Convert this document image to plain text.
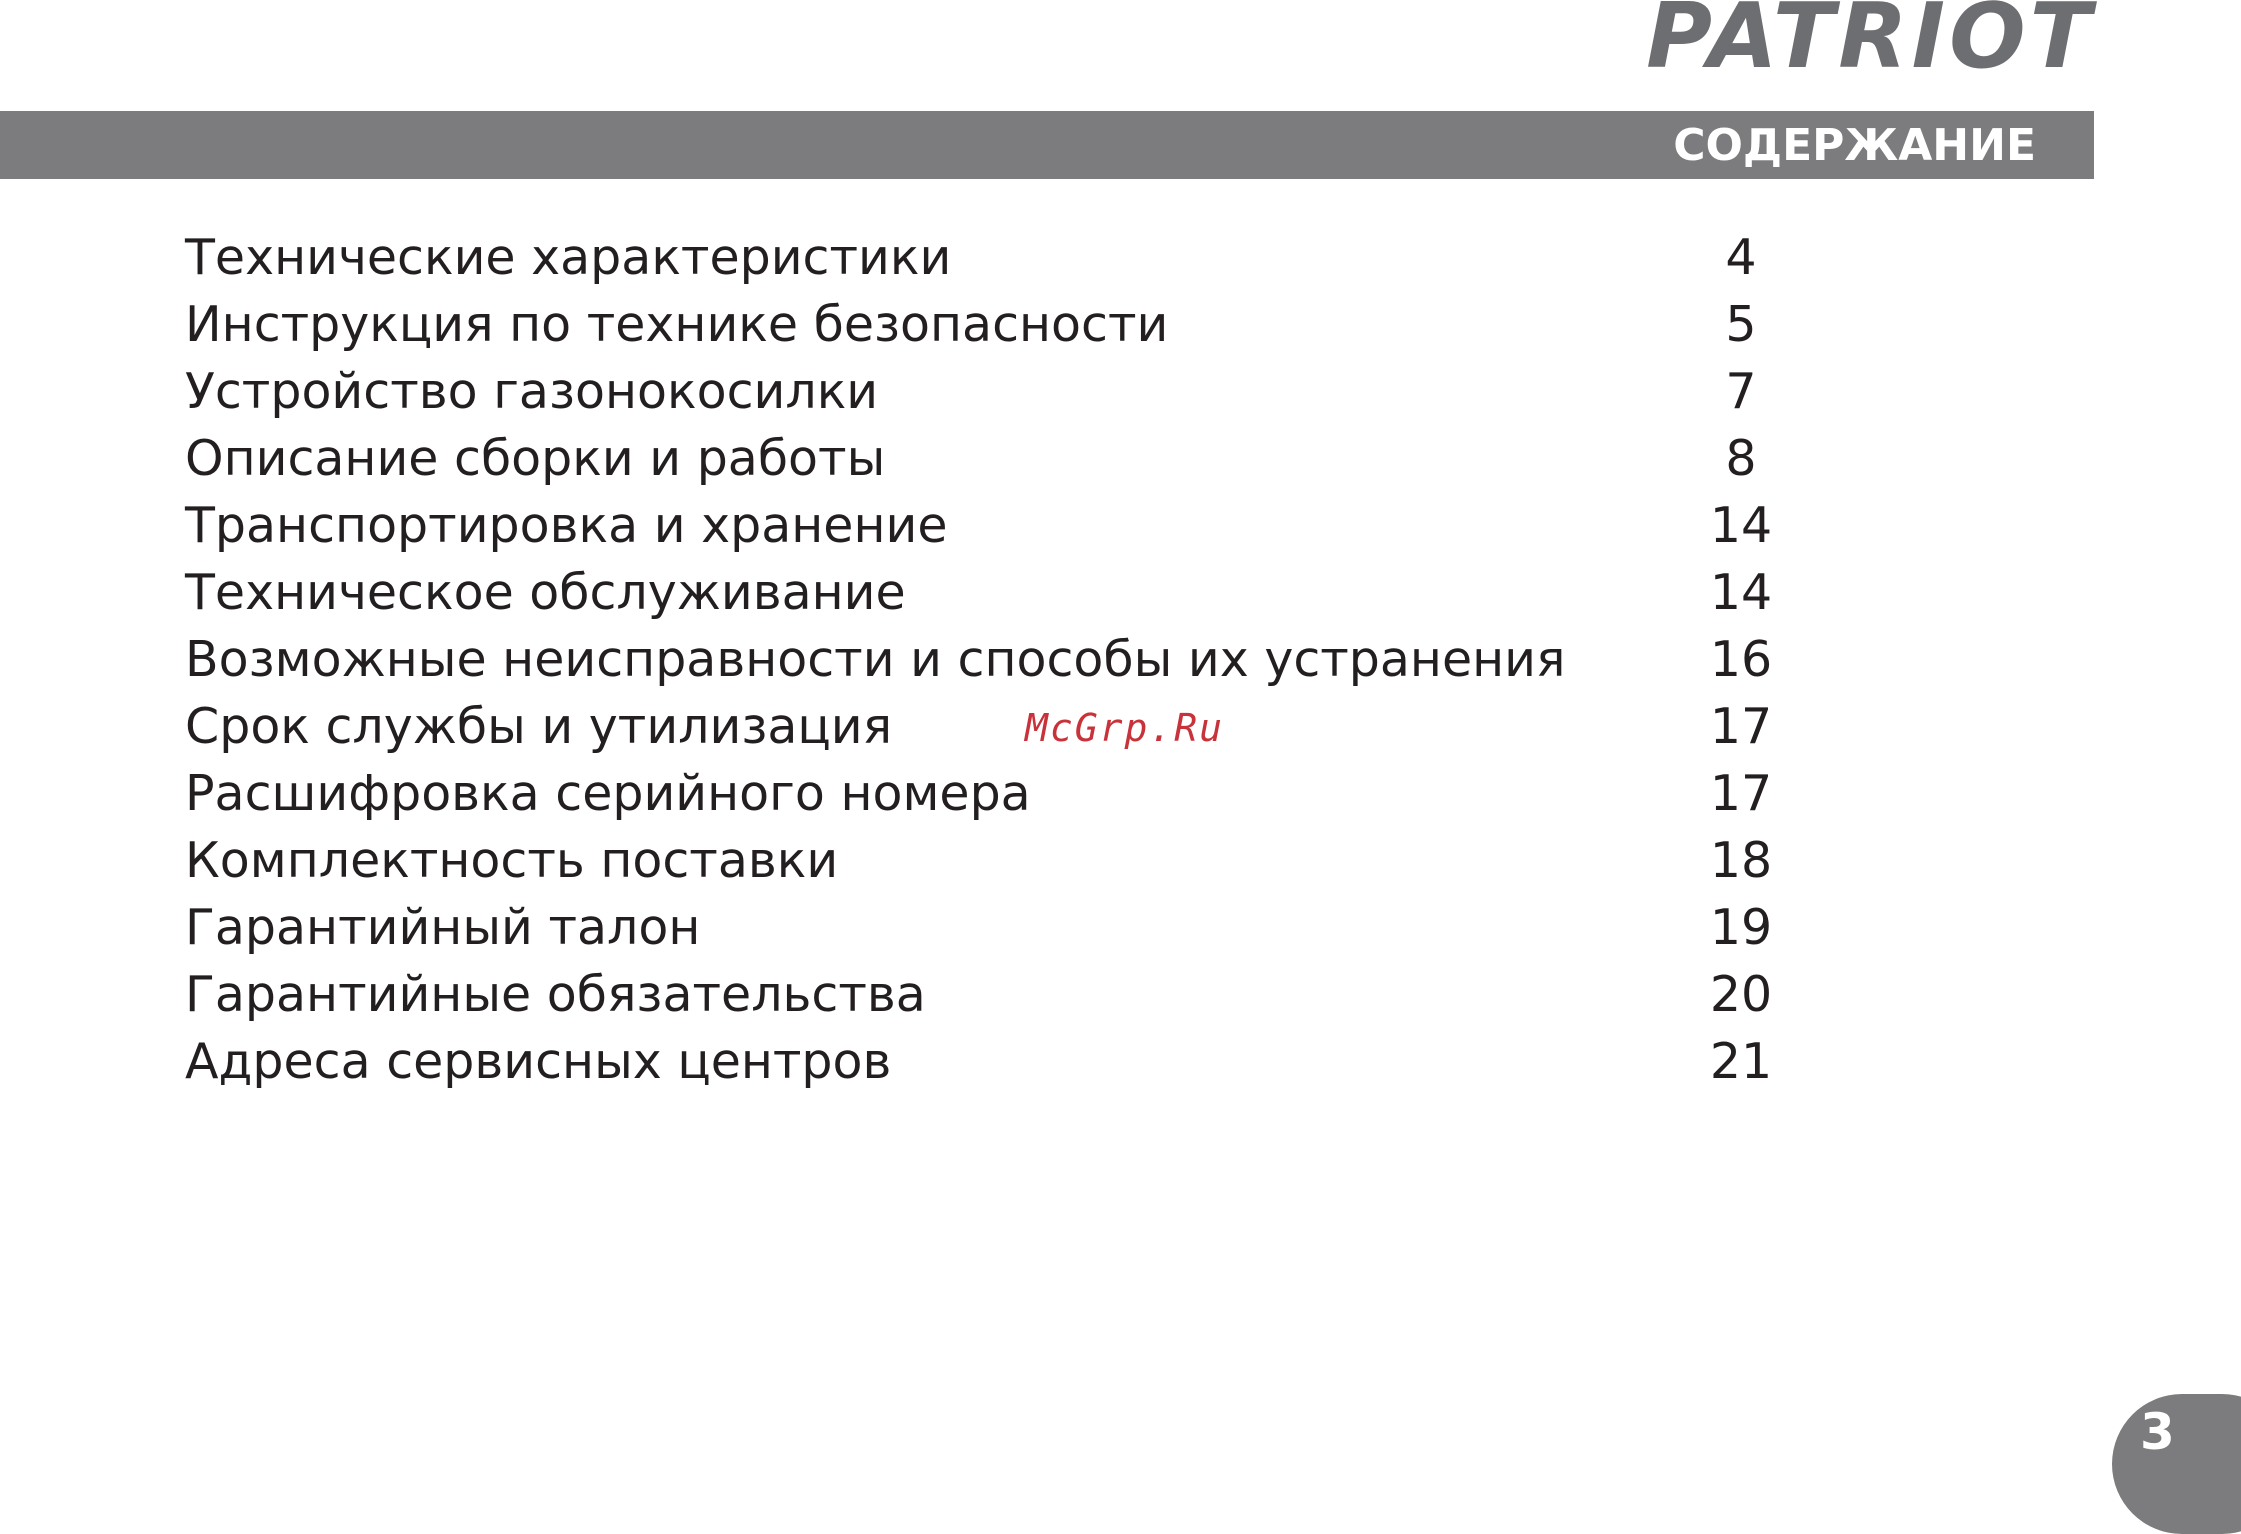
PATRIOT
СОДЕРЖАНИЕ
Технические характеристики	4
Инструкция по технике безопасности	5
Устройство газонокосилки	7
Описание сборки и работы	8
Транспортировка и хранение	14
Техническое обслуживание	14
Возможные неисправности и способы их устранения	16
Срок службы и утилизация	17
Расшифровка серийного номера	17
Комплектность поставки	18
Гарантийный талон	19
Гарантийные обязательства	20
Адреса сервисных центров	21
McGrp.Ru
3
